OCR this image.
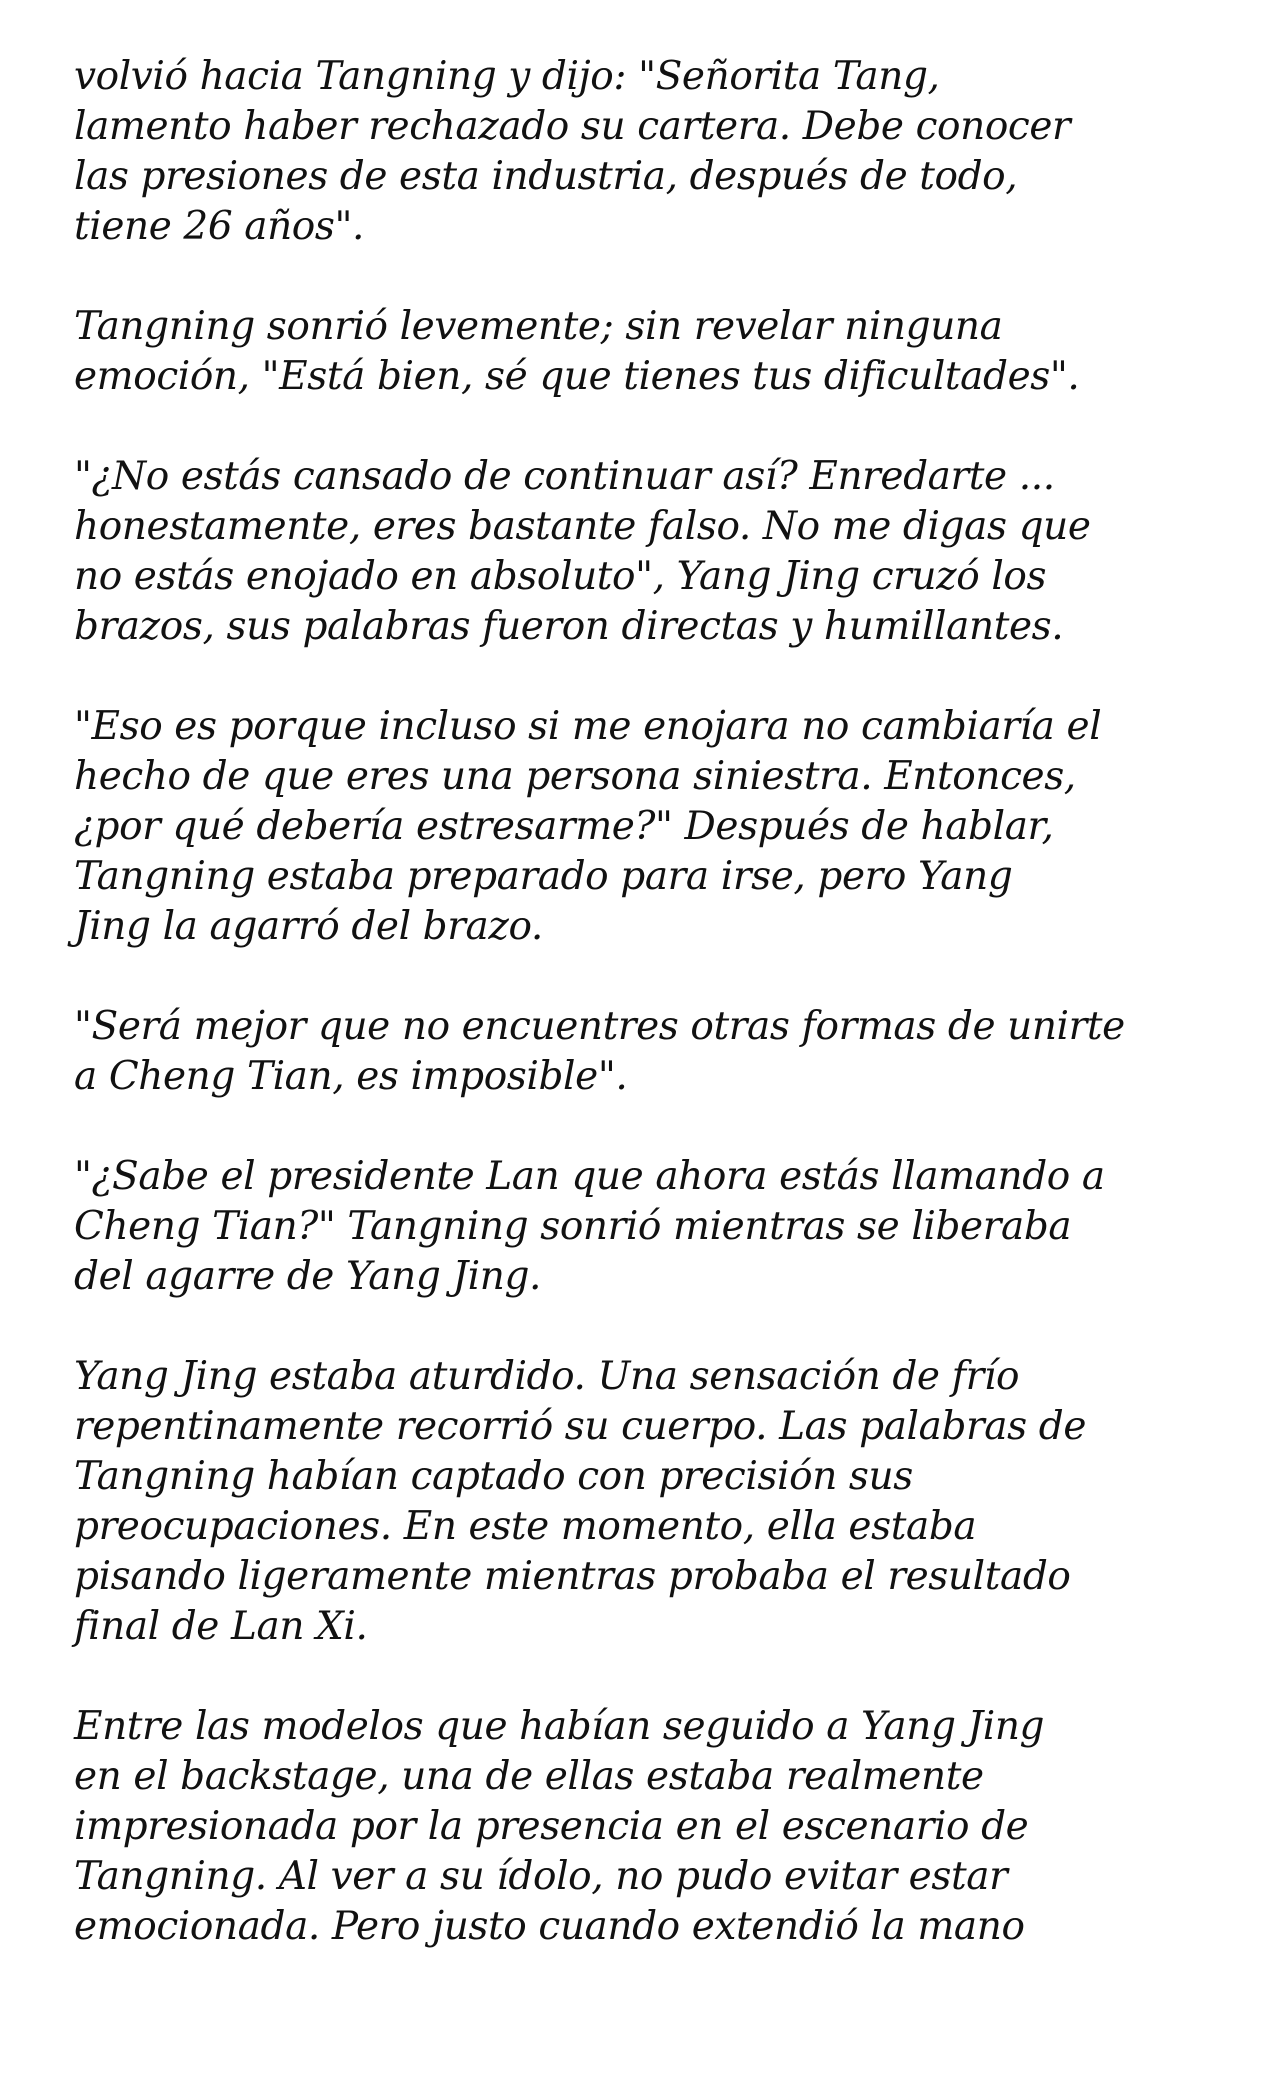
volvió hacia Tangning y dijo: "Señorita Tang,
lamento haber rechazado su cartera. Debe conocer
las presiones de esta industria, después de todo,
tiene 26 años".

Tangning sonrió levemente; sin revelar ninguna
emoción, "Está bien, sé que tienes tus dificultades".

"¿No estás cansado de continuar así? Enredarte ...
honestamente, eres bastante falso. No me digas que
no estás enojado en absoluto", Yang Jing cruzó los
brazos, sus palabras fueron directas y humillantes.

"Eso es porque incluso si me enojara no cambiaría el
hecho de que eres una persona siniestra. Entonces,
¿por qué debería estresarme?" Después de hablar,
Tangning estaba preparado para irse, pero Yang
Jing la agarró del brazo.

"Será mejor que no encuentres otras formas de unirte
a Cheng Tian, es imposible".

"¿Sabe el presidente Lan que ahora estás llamando a
Cheng Tian?" Tangning sonrió mientras se liberaba
del agarre de Yang Jing.

Yang Jing estaba aturdido. Una sensación de frío
repentinamente recorrió su cuerpo. Las palabras de
Tangning habían captado con precisión sus
preocupaciones. En este momento, ella estaba
pisando ligeramente mientras probaba el resultado
final de Lan Xi.

Entre las modelos que habían seguido a Yang Jing
en el backstage, una de ellas estaba realmente
impresionada por la presencia en el escenario de
Tangning. Al ver a su ídolo, no pudo evitar estar
emocionada. Pero justo cuando extendió la mano
